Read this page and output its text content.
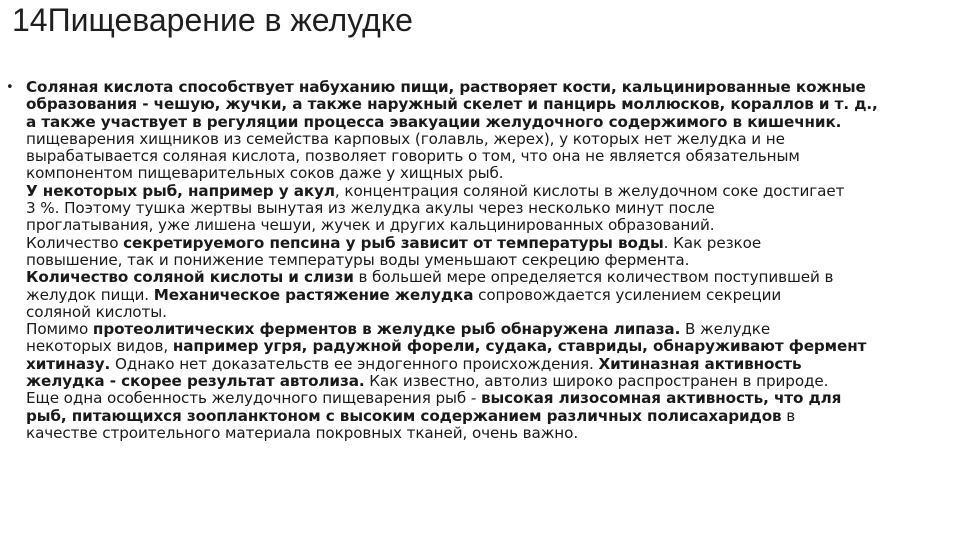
14Пищеварение в желудке
• Соляная кислота способствует набуханию пищи, растворяет кости, кальцинированные кожные
образования - чешую, жучки, а также наружный скелет и панцирь моллюсков, кораллов и т. д.,
а также участвует в регуляции процесса эвакуации желудочного содержимого в кишечник.
пищеварения хищников из семейства карповых (голавль, жерех), у которых нет желудка и не
вырабатывается соляная кислота, позволяет говорить о том, что она не является обязательным
компонентом пищеварительных соков даже у хищных рыб.
У некоторых рыб, например у акул, концентрация соляной кислоты в желудочном соке достигает
3 %. Поэтому тушка жертвы вынутая из желудка акулы через несколько минут после
проглатывания, уже лишена чешуи, жучек и других кальцинированных образований.
Количество секретируемого пепсина у рыб зависит от температуры воды. Как резкое
повышение, так и понижение температуры воды уменьшают секрецию фермента.
Количество соляной кислоты и слизи в большей мере определяется количеством поступившей в
желудок пищи. Механическое растяжение желудка сопровождается усилением секреции
соляной кислоты.
Помимо протеолитических ферментов в желудке рыб обнаружена липаза. В желудке
некоторых видов, например угря, радужной форели, судака, ставриды, обнаруживают фермент
хитиназу. Однако нет доказательств ее эндогенного происхождения. Хитиназная активность
желудка - скорее результат автолиза. Как известно, автолиз широко распространен в природе.
Еще одна особенность желудочного пищеварения рыб - высокая лизосомная активность, что для
рыб, питающихся зоопланктоном с высоким содержанием различных полисахаридов в
качестве строительного материала покровных тканей, очень важно.
